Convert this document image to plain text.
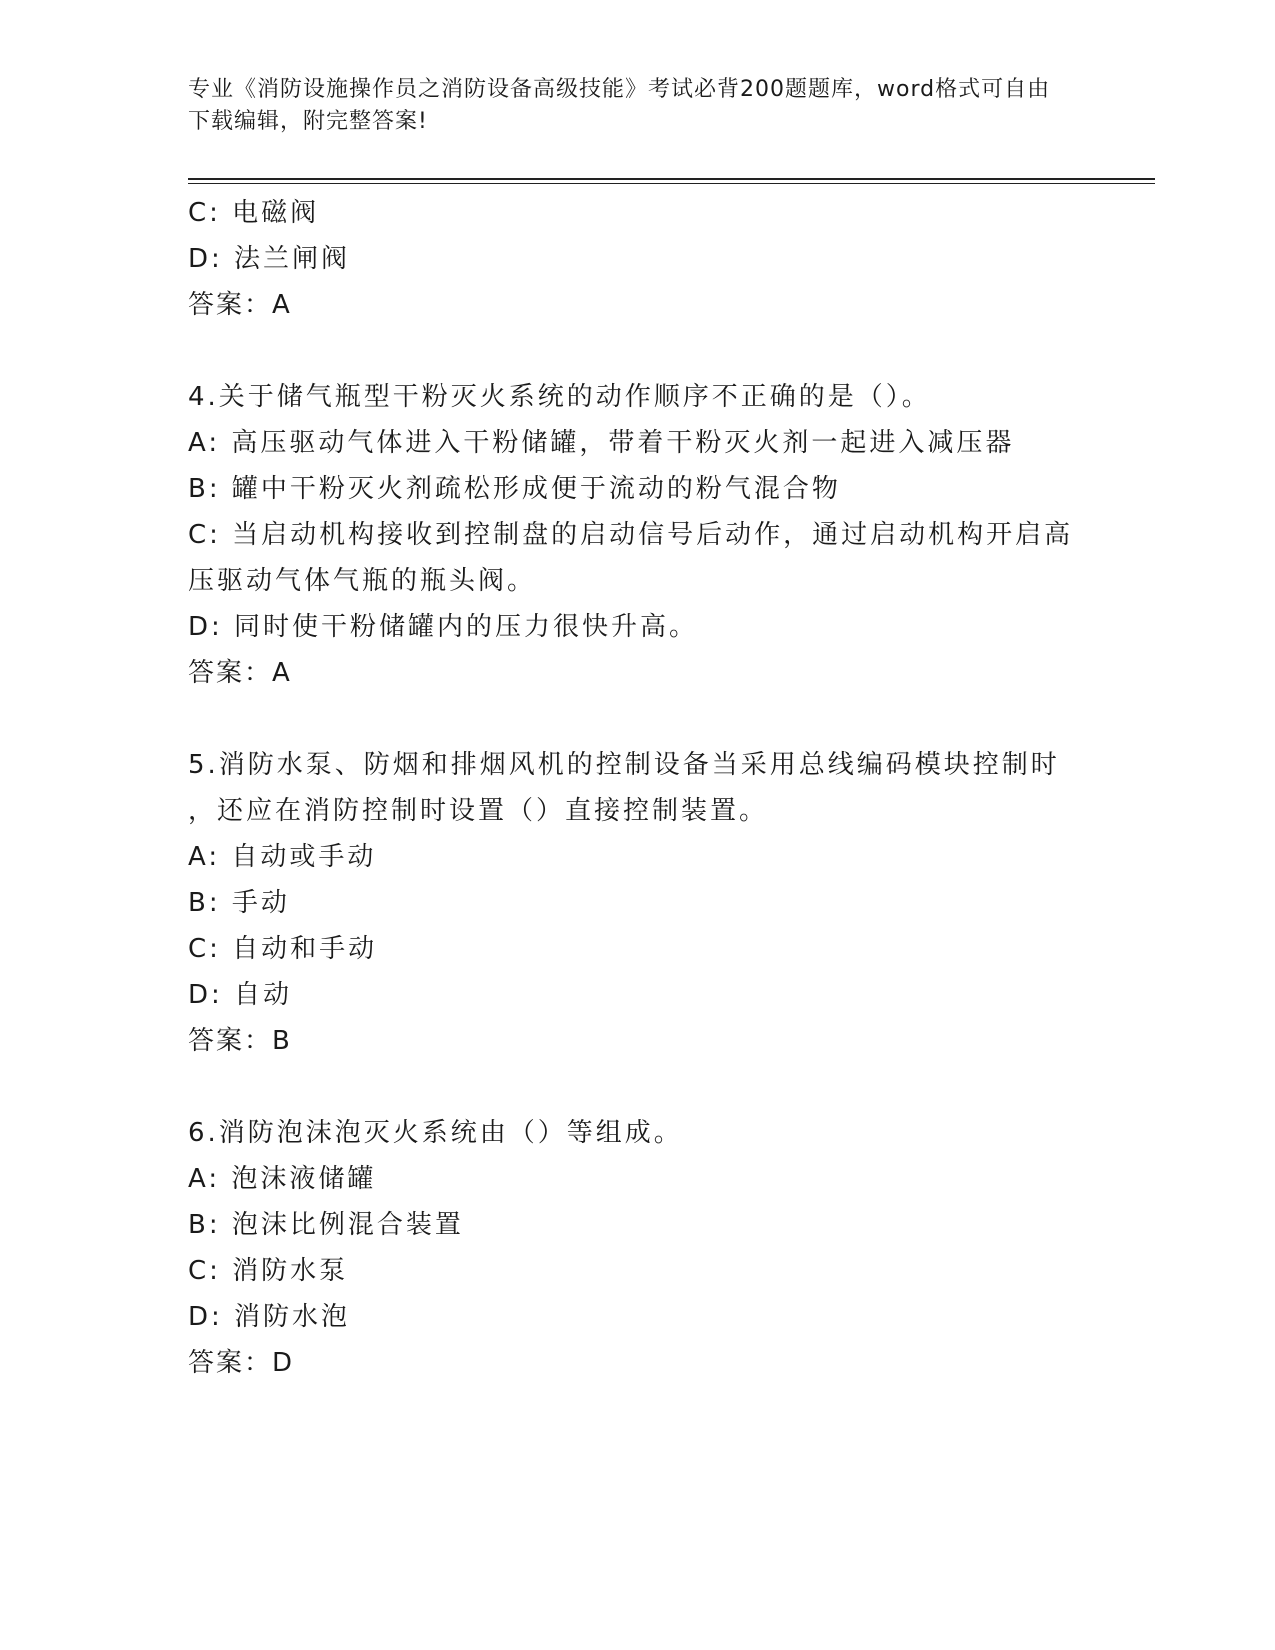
专业《消防设施操作员之消防设备高级技能》考试必背200题题库，word格式可自由下载编辑，附完整答案!
C: 电磁阀
D: 法兰闸阀
答案：A
4.关于储气瓶型干粉灭火系统的动作顺序不正确的是（）。
A: 高压驱动气体进入干粉储罐，带着干粉灭火剂一起进入减压器
B: 罐中干粉灭火剂疏松形成便于流动的粉气混合物
C: 当启动机构接收到控制盘的启动信号后动作，通过启动机构开启高
压驱动气体气瓶的瓶头阀。
D: 同时使干粉储罐内的压力很快升高。
答案：A
5.消防水泵、防烟和排烟风机的控制设备当采用总线编码模块控制时
，还应在消防控制时设置（）直接控制装置。
A: 自动或手动
B: 手动
C: 自动和手动
D: 自动
答案：B
6.消防泡沫泡灭火系统由（）等组成。
A: 泡沫液储罐
B: 泡沫比例混合装置
C: 消防水泵
D: 消防水泡
答案：D
